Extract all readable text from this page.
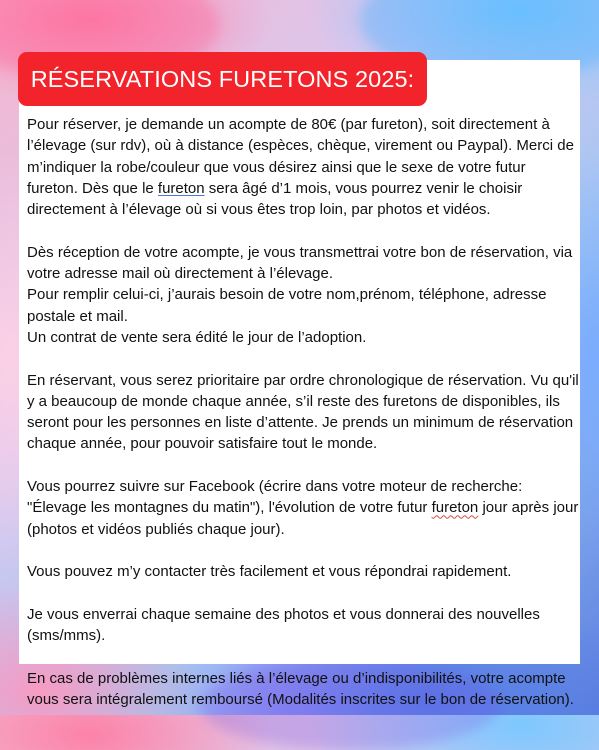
RÉSERVATIONS FURETONS 2025:

Pour réserver, je demande un acompte de 80€ (par fureton), soit directement à
l’élevage (sur rdv), où à distance (espèces, chèque, virement ou Paypal). Merci de
m’indiquer la robe/couleur que vous désirez ainsi que le sexe de votre futur
fureton. Dès que le fureton sera âgé d’1 mois, vous pourrez venir le choisir
directement à l’élevage où si vous êtes trop loin, par photos et vidéos.

Dès réception de votre acompte, je vous transmettrai votre bon de réservation, via
votre adresse mail où directement à l’élevage.
Pour remplir celui-ci, j’aurais besoin de votre nom,prénom, téléphone, adresse
postale et mail.
Un contrat de vente sera édité le jour de l’adoption.

En réservant, vous serez prioritaire par ordre chronologique de réservation. Vu qu'il
y a beaucoup de monde chaque année, s’il reste des furetons de disponibles, ils
seront pour les personnes en liste d’attente. Je prends un minimum de réservation
chaque année, pour pouvoir satisfaire tout le monde.

Vous pourrez suivre sur Facebook (écrire dans votre moteur de recherche:
"Élevage les montagnes du matin"), l'évolution de votre futur fureton jour après jour
(photos et vidéos publiés chaque jour).

Vous pouvez m’y contacter très facilement et vous répondrai rapidement.

Je vous enverrai chaque semaine des photos et vous donnerai des nouvelles
(sms/mms).

En cas de problèmes internes liés à l’élevage ou d’indisponibilités, votre acompte
vous sera intégralement remboursé (Modalités inscrites sur le bon de réservation).
